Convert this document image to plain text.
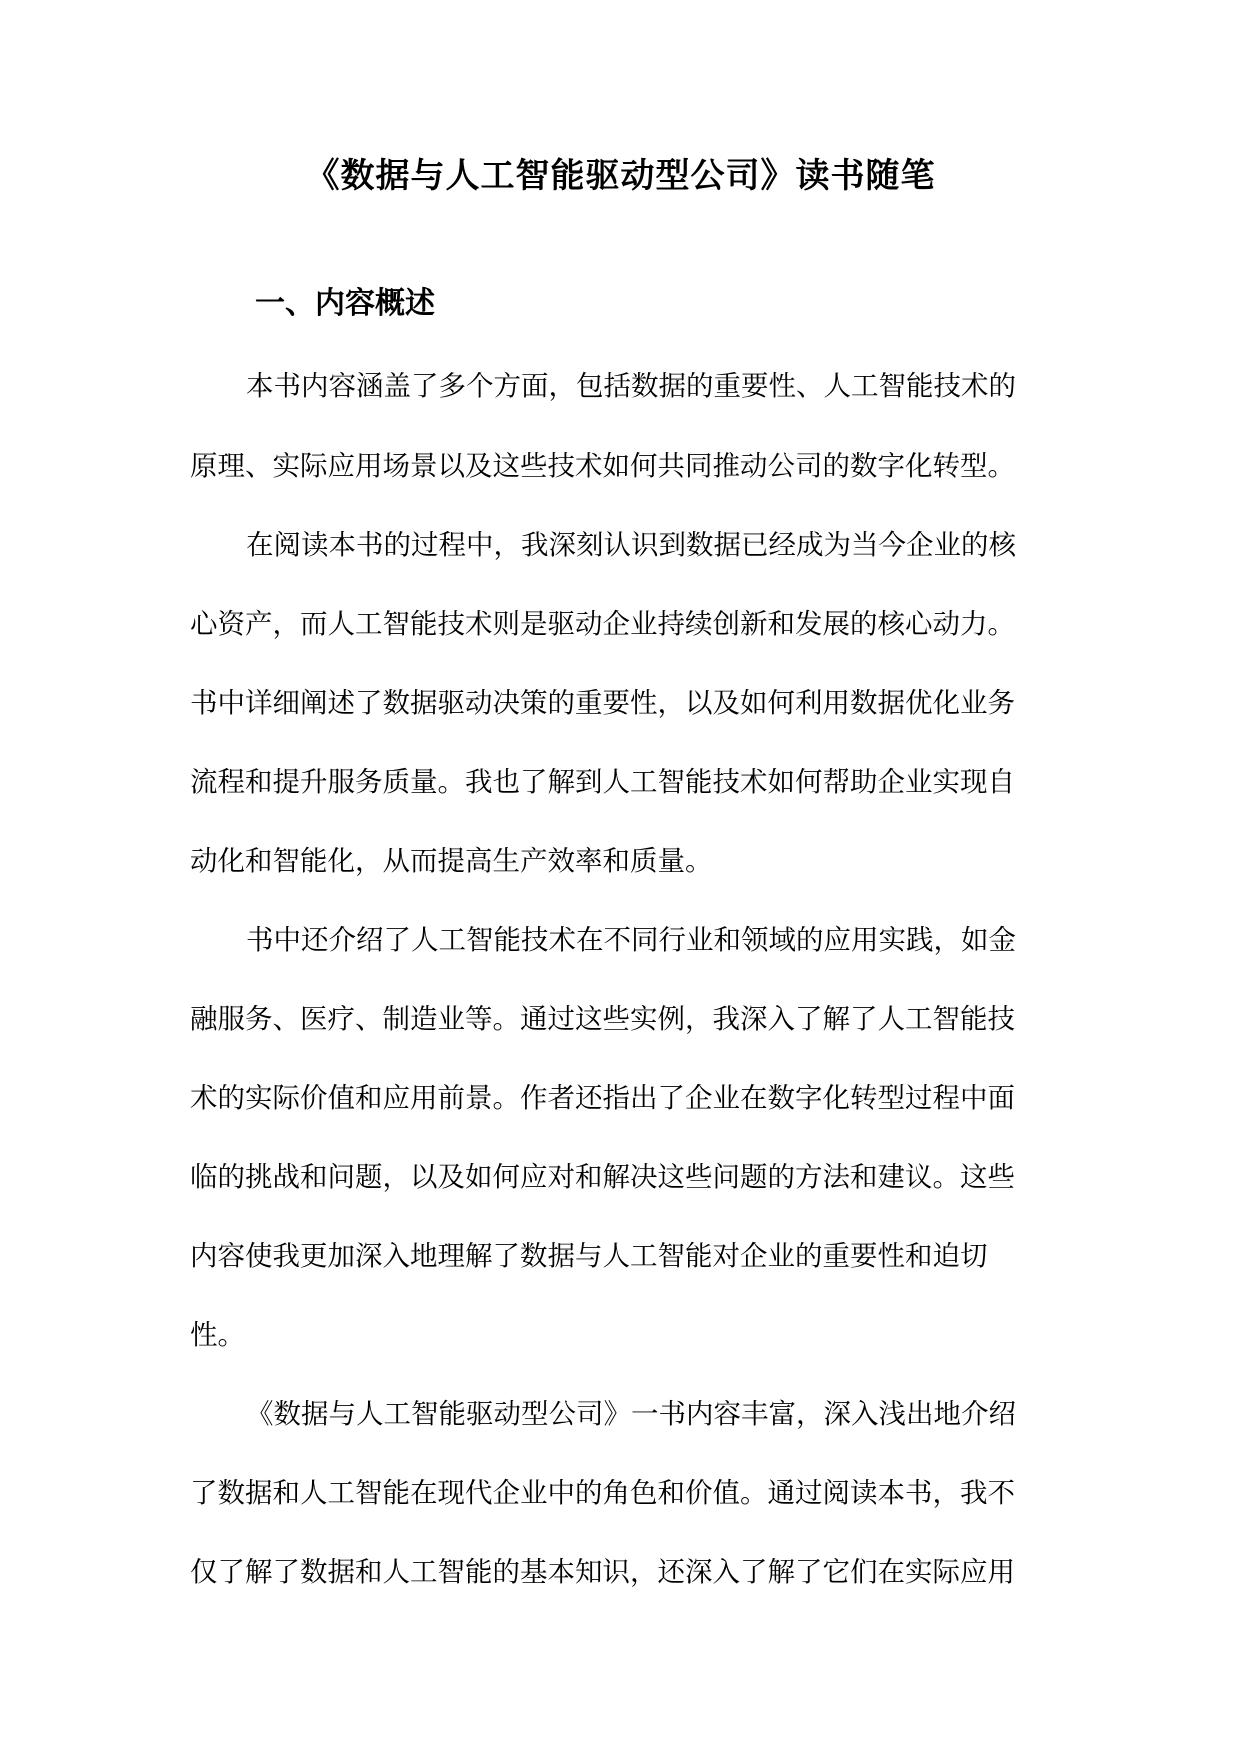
《数据与人工智能驱动型公司》读书随笔
一、内容概述

本书内容涵盖了多个方面，包括数据的重要性、人工智能技术的

原理、实际应用场景以及这些技术如何共同推动公司的数字化转型。

在阅读本书的过程中，我深刻认识到数据已经成为当今企业的核

心资产，而人工智能技术则是驱动企业持续创新和发展的核心动力。

书中详细阐述了数据驱动决策的重要性，以及如何利用数据优化业务

流程和提升服务质量。我也了解到人工智能技术如何帮助企业实现自

动化和智能化，从而提高生产效率和质量。

书中还介绍了人工智能技术在不同行业和领域的应用实践，如金

融服务、医疗、制造业等。通过这些实例，我深入了解了人工智能技

术的实际价值和应用前景。作者还指出了企业在数字化转型过程中面

临的挑战和问题，以及如何应对和解决这些问题的方法和建议。这些

内容使我更加深入地理解了数据与人工智能对企业的重要性和迫切

性。

《数据与人工智能驱动型公司》一书内容丰富，深入浅出地介绍

了数据和人工智能在现代企业中的角色和价值。通过阅读本书，我不

仅了解了数据和人工智能的基本知识，还深入了解了它们在实际应用
